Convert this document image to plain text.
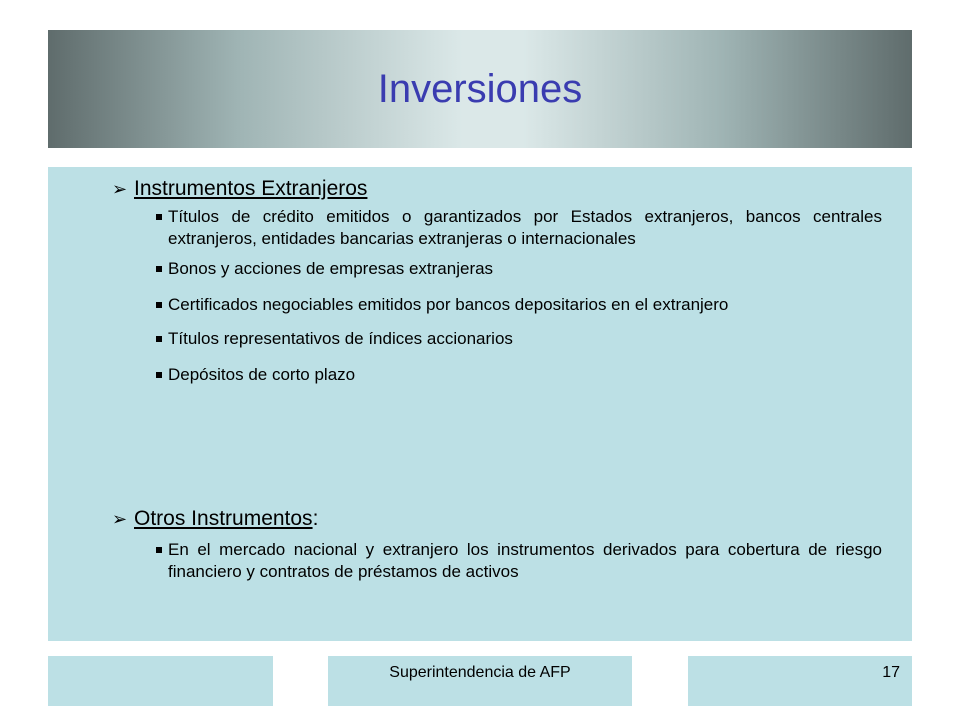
Inversiones
➢ Instrumentos Extranjeros
Títulos de crédito emitidos o garantizados por Estados extranjeros, bancos centrales extranjeros, entidades bancarias extranjeras o internacionales
Bonos y acciones de empresas extranjeras
Certificados negociables emitidos por bancos depositarios en el extranjero
Títulos representativos de índices accionarios
Depósitos de corto plazo
➢ Otros Instrumentos :
En el mercado nacional y extranjero los instrumentos derivados para cobertura de riesgo financiero y contratos de préstamos de activos
Superintendencia de AFP	17
